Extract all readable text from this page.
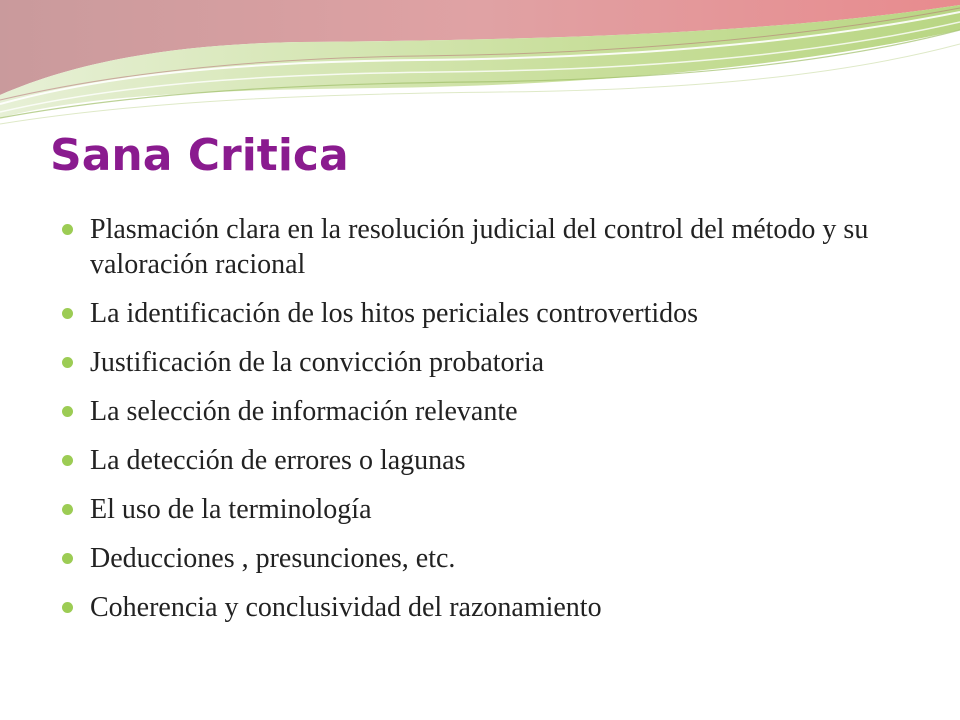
Sana Critica
Plasmación clara en la resolución judicial del control del método y su valoración racional
La identificación de los hitos periciales controvertidos
Justificación de la convicción probatoria
La selección de información relevante
La detección de errores o lagunas
El uso de la terminología
Deducciones , presunciones, etc.
Coherencia y conclusividad del razonamiento
